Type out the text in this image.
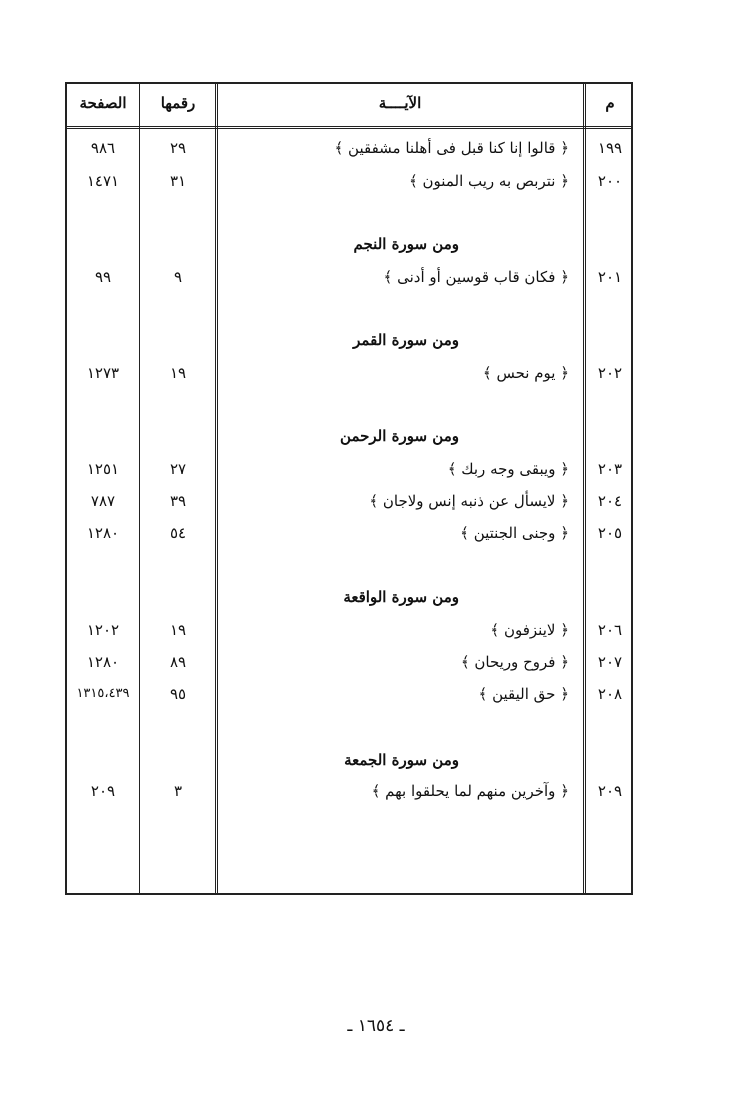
م
الآيــــة
رقمها
الصفحة
١٩٩
﴿ قالوا إنا كنا قبل فى أهلنا مشفقين ﴾
٢٩
٩٨٦
٢٠٠
﴿ نتربص به ريب المنون ﴾
٣١
١٤٧١
ومن سورة النجم
٢٠١
﴿ فكان قاب قوسين أو أدنى ﴾
٩
٩٩
ومن سورة القمر
٢٠٢
﴿ يوم نحس ﴾
١٩
١٢٧٣
ومن سورة الرحمن
٢٠٣
﴿ ويبقى وجه ربك ﴾
٢٧
١٢٥١
٢٠٤
﴿ لايسأل عن ذنبه إنس ولاجان ﴾
٣٩
٧٨٧
٢٠٥
﴿ وجنى الجنتين ﴾
٥٤
١٢٨٠
ومن سورة الواقعة
٢٠٦
﴿ لاينزفون ﴾
١٩
١٢٠٢
٢٠٧
﴿ فروح وريحان ﴾
٨٩
١٢٨٠
٢٠٨
﴿ حق اليقين ﴾
٩٥
١٣١٥،٤٣٩
ومن سورة الجمعة
٢٠٩
﴿ وآخرين منهم لما يحلقوا بهم ﴾
٣
٢٠٩
ـ ١٦٥٤ ـ
